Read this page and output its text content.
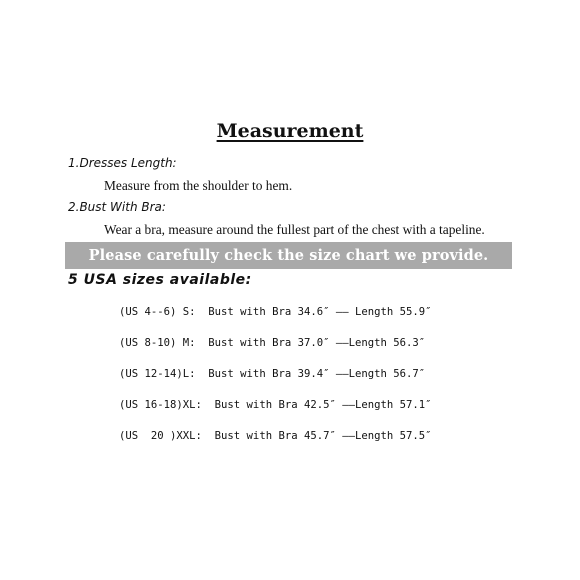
Measurement
1.Dresses Length:
Measure from the shoulder to hem.
2.Bust With Bra:
Wear a bra, measure around the fullest part of the chest with a tapeline.
Please carefully check the size chart we provide.
5 USA sizes available:
(US 4--6) S:  Bust with Bra 34.6″ —— Length 55.9″
(US 8-10) M:  Bust with Bra 37.0″ ——Length 56.3″
(US 12-14)L:  Bust with Bra 39.4″ ——Length 56.7″
(US 16-18)XL:  Bust with Bra 42.5″ ——Length 57.1″
(US  20 )XXL:  Bust with Bra 45.7″ ——Length 57.5″
